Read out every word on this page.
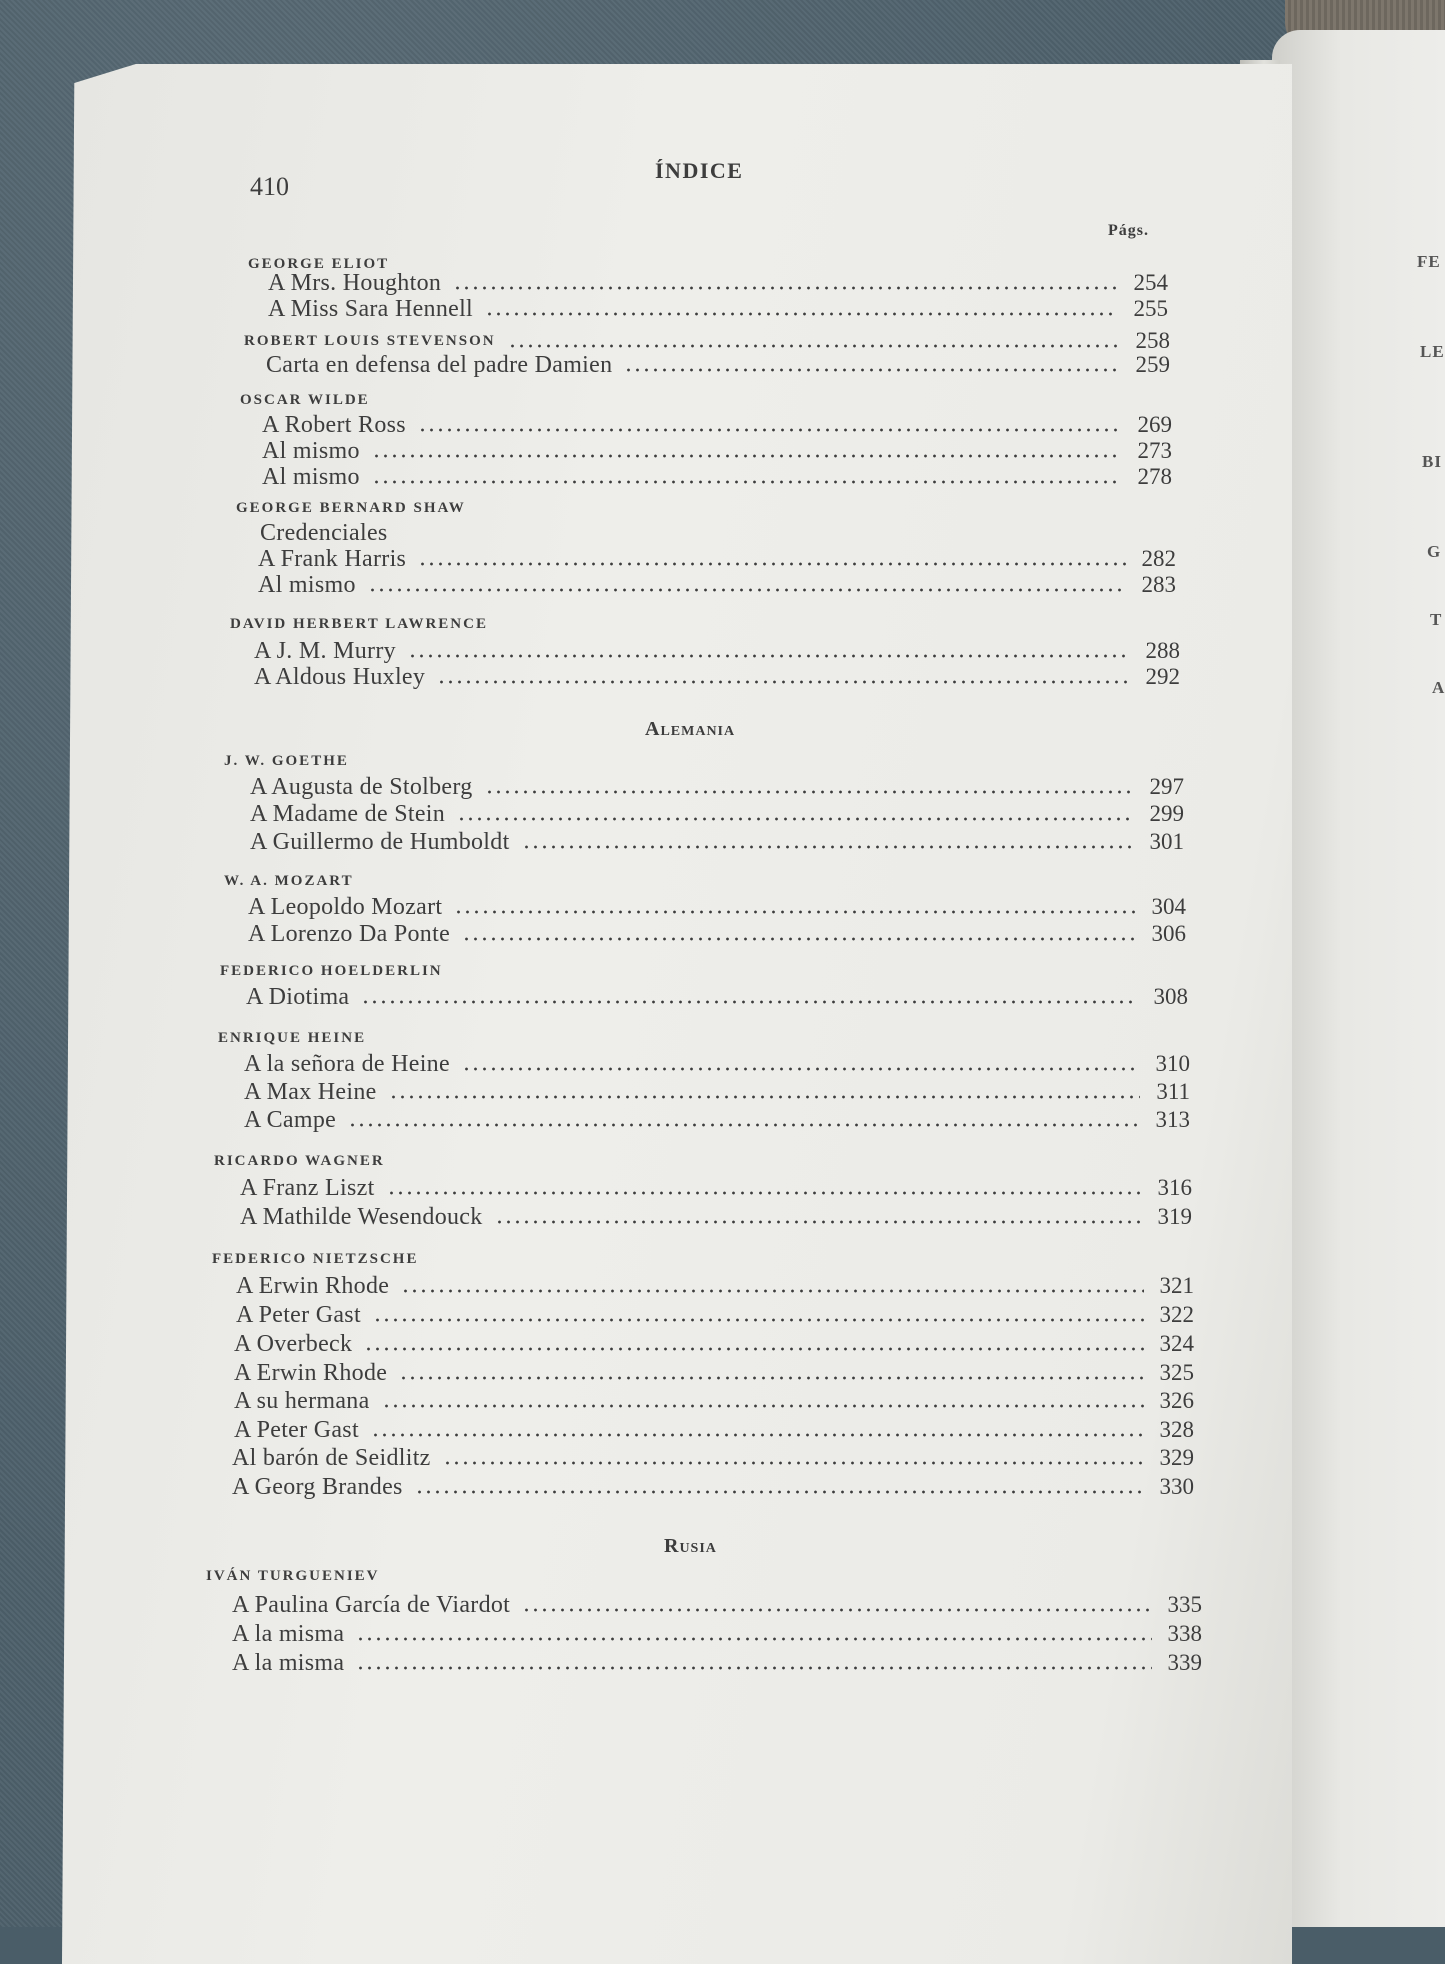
FE
LE
BI
G
T
A
410
ÍNDICE
Págs.
GEORGE ELIOT
A Mrs. Houghton	254
A Miss Sara Hennell	255
ROBERT LOUIS STEVENSON	258
Carta en defensa del padre Damien	259
OSCAR WILDE
A Robert Ross	269
Al mismo	273
Al mismo	278
GEORGE BERNARD SHAW
Credenciales
A Frank Harris	282
Al mismo	283
DAVID HERBERT LAWRENCE
A J. M. Murry	288
A Aldous Huxley	292
Alemania
J. W. GOETHE
A Augusta de Stolberg	297
A Madame de Stein	299
A Guillermo de Humboldt	301
W. A. MOZART
A Leopoldo Mozart	304
A Lorenzo Da Ponte	306
FEDERICO HOELDERLIN
A Diotima	308
ENRIQUE HEINE
A la señora de Heine	310
A Max Heine	311
A Campe	313
RICARDO WAGNER
A Franz Liszt	316
A Mathilde Wesendouck	319
FEDERICO NIETZSCHE
A Erwin Rhode	321
A Peter Gast	322
A Overbeck	324
A Erwin Rhode	325
A su hermana	326
A Peter Gast	328
Al barón de Seidlitz	329
A Georg Brandes	330
Rusia
IVÁN TURGUENIEV
A Paulina García de Viardot	335
A la misma	338
A la misma	339
